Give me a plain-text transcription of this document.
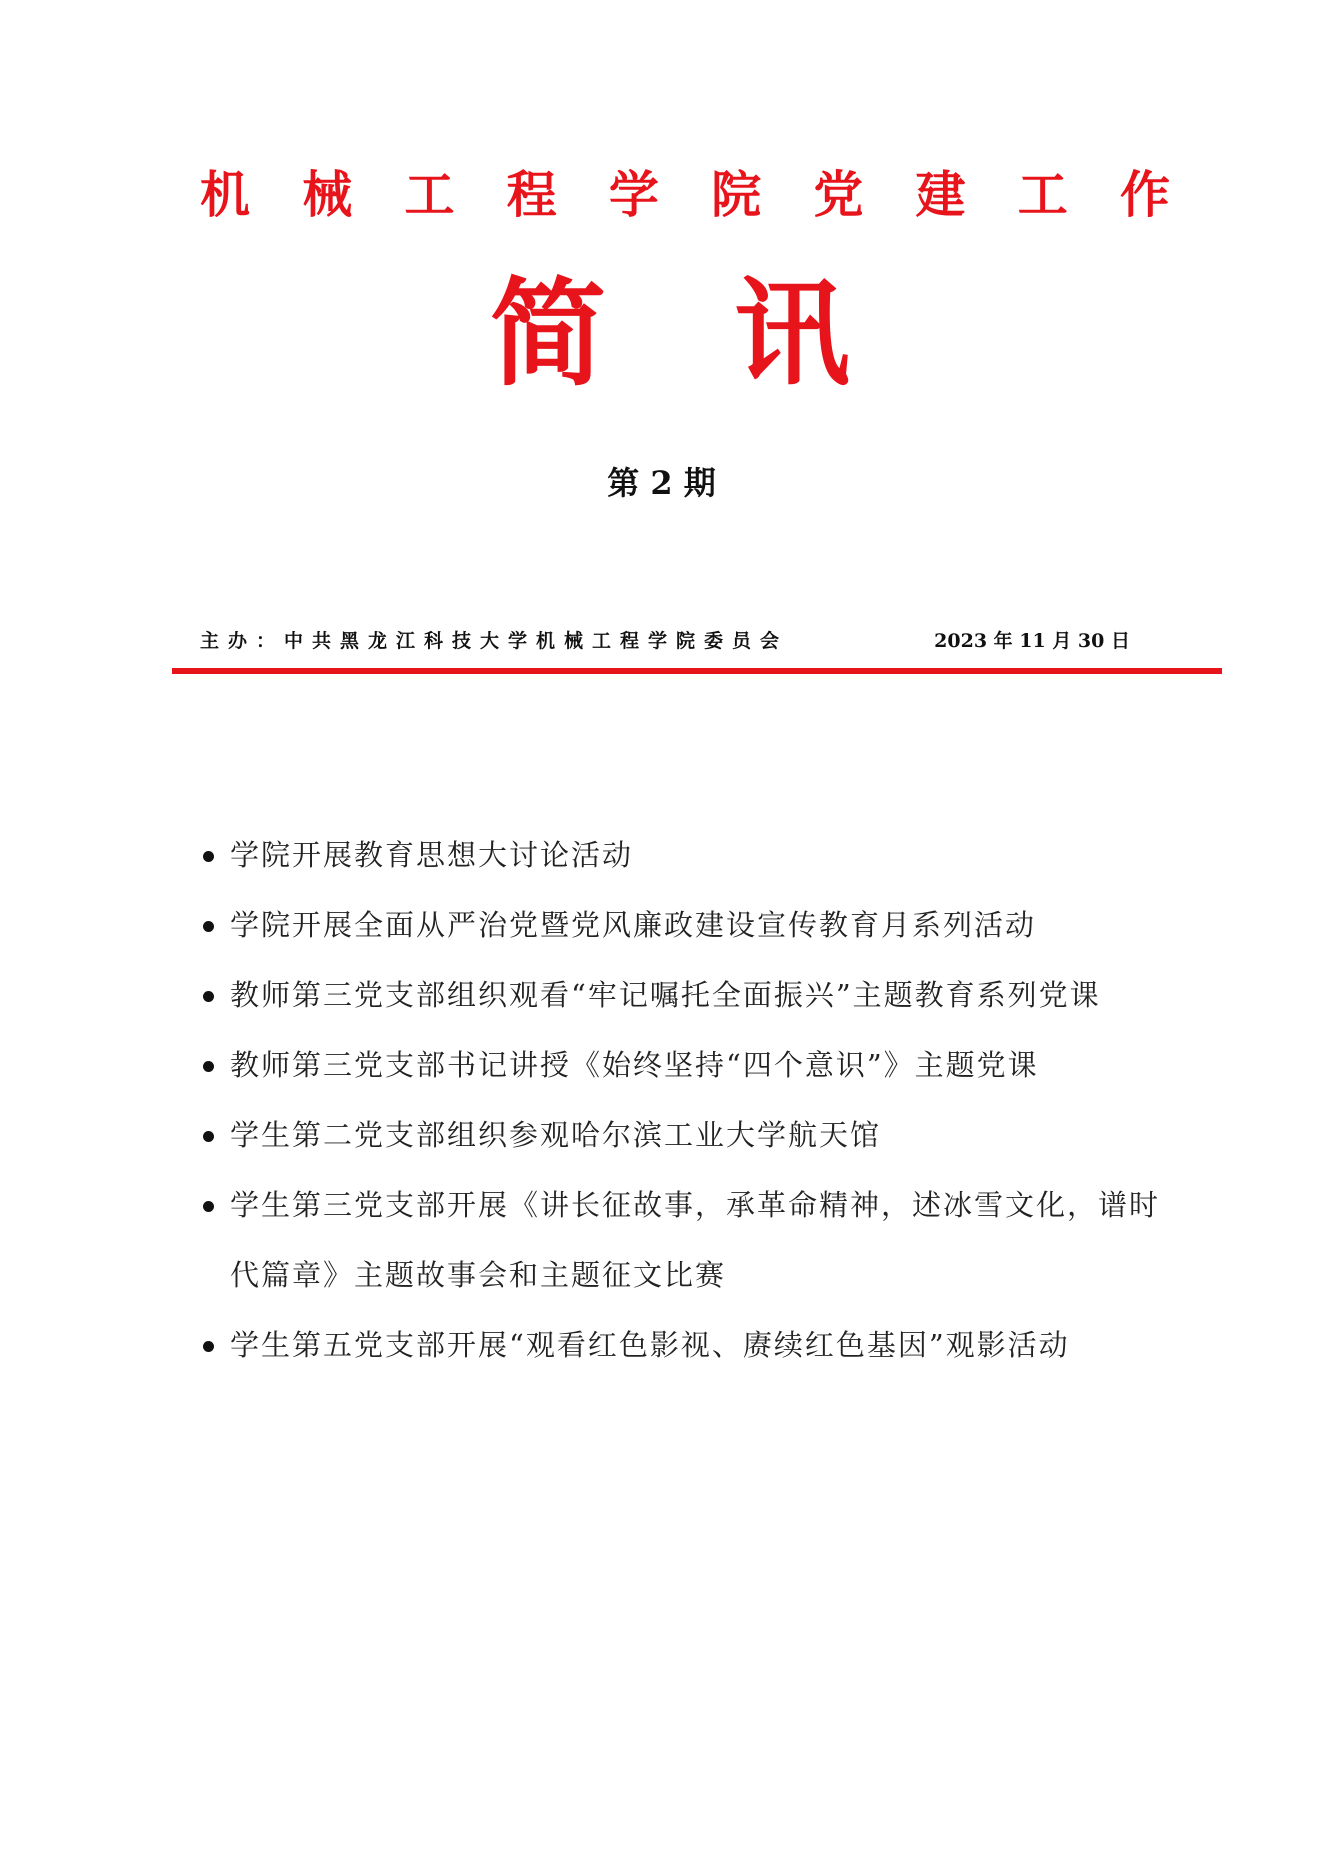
机 械 工 程 学 院 党 建 工 作
简 讯
第 2 期
主办：中共黑龙江科技大学机械工程学院委员会	2023 年 11 月 30 日
学院开展教育思想大讨论活动
学院开展全面从严治党暨党风廉政建设宣传教育月系列活动
教师第三党支部组织观看“牢记嘱托全面振兴”主题教育系列党课
教师第三党支部书记讲授《始终坚持“四个意识”》主题党课
学生第二党支部组织参观哈尔滨工业大学航天馆
学生第三党支部开展《讲长征故事，承革命精神，述冰雪文化，谱时代篇章》主题故事会和主题征文比赛
学生第五党支部开展“观看红色影视、赓续红色基因”观影活动
